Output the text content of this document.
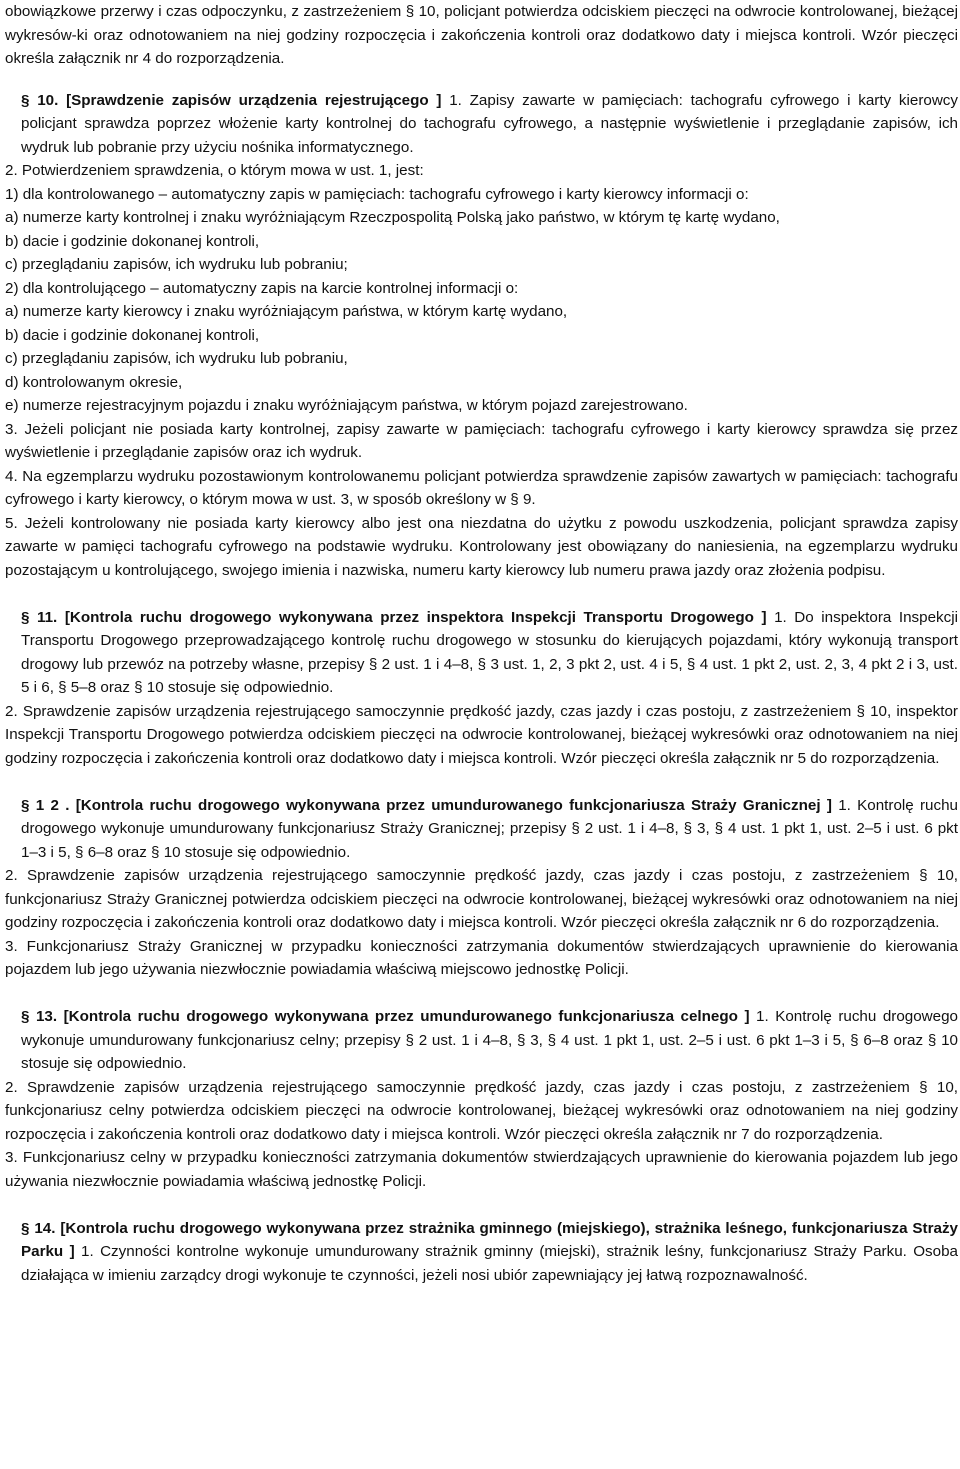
obowiązkowe przerwy i czas odpoczynku, z zastrzeżeniem § 10, policjant potwierdza odciskiem pieczęci na odwrocie kontrolowanej, bieżącej wykresów-ki oraz odnotowaniem na niej godziny rozpoczęcia i zakończenia kontroli oraz dodatkowo daty i miejsca kontroli. Wzór pieczęci określa załącznik nr 4 do rozporządzenia.

§ 10. [Sprawdzenie zapisów urządzenia rejestrującego ] 1. Zapisy zawarte w pamięciach: tachografu cyfrowego i karty kierowcy policjant sprawdza poprzez włożenie karty kontrolnej do tachografu cyfrowego, a następnie wyświetlenie i przeglądanie zapisów, ich wydruk lub pobranie przy użyciu nośnika informatycznego.

2. Potwierdzeniem sprawdzenia, o którym mowa w ust. 1, jest:

1) dla kontrolowanego – automatyczny zapis w pamięciach: tachografu cyfrowego i karty kierowcy informacji o:

a) numerze karty kontrolnej i znaku wyróżniającym Rzeczpospolitą Polską jako państwo, w którym tę kartę wydano,

b) dacie i godzinie dokonanej kontroli,

c) przeglądaniu zapisów, ich wydruku lub pobraniu;

2) dla kontrolującego – automatyczny zapis na karcie kontrolnej informacji o:

a) numerze karty kierowcy i znaku wyróżniającym państwa, w którym kartę wydano,

b) dacie i godzinie dokonanej kontroli,

c) przeglądaniu zapisów, ich wydruku lub pobraniu,

d) kontrolowanym okresie,

e) numerze rejestracyjnym pojazdu i znaku wyróżniającym państwa, w którym pojazd zarejestrowano.

3. Jeżeli policjant nie posiada karty kontrolnej, zapisy zawarte w pamięciach: tachografu cyfrowego i karty kierowcy sprawdza się przez wyświetlenie i przeglądanie zapisów oraz ich wydruk.

4. Na egzemplarzu wydruku pozostawionym kontrolowanemu policjant potwierdza sprawdzenie zapisów zawartych w pamięciach: tachografu cyfrowego i karty kierowcy, o którym mowa w ust. 3, w sposób określony w § 9.

5. Jeżeli kontrolowany nie posiada karty kierowcy albo jest ona niezdatna do użytku z powodu uszkodzenia, policjant sprawdza zapisy zawarte w pamięci tachografu cyfrowego na podstawie wydruku. Kontrolowany jest obowiązany do naniesienia, na egzemplarzu wydruku pozostającym u kontrolującego, swojego imienia i nazwiska, numeru karty kierowcy lub numeru prawa jazdy oraz złożenia podpisu.

§ 11. [Kontrola ruchu drogowego wykonywana przez inspektora Inspekcji Transportu Drogowego ] 1. Do inspektora Inspekcji Transportu Drogowego przeprowadzającego kontrolę ruchu drogowego w stosunku do kierujących pojazdami, który wykonują transport drogowy lub przewóz na potrzeby własne, przepisy § 2 ust. 1 i 4–8, § 3 ust. 1, 2, 3 pkt 2, ust. 4 i 5, § 4 ust. 1 pkt 2, ust. 2, 3, 4 pkt 2 i 3, ust. 5 i 6, § 5–8 oraz § 10 stosuje się odpowiednio.

2. Sprawdzenie zapisów urządzenia rejestrującego samoczynnie prędkość jazdy, czas jazdy i czas postoju, z zastrzeżeniem § 10, inspektor Inspekcji Transportu Drogowego potwierdza odciskiem pieczęci na odwrocie kontrolowanej, bieżącej wykresówki oraz odnotowaniem na niej godziny rozpoczęcia i zakończenia kontroli oraz dodatkowo daty i miejsca kontroli. Wzór pieczęci określa załącznik nr 5 do rozporządzenia.

§ 1 2 . [Kontrola ruchu drogowego wykonywana przez umundurowanego funkcjonariusza Straży Granicznej ] 1. Kontrolę ruchu drogowego wykonuje umundurowany funkcjonariusz Straży Granicznej; przepisy § 2 ust. 1 i 4–8, § 3, § 4 ust. 1 pkt 1, ust. 2–5 i ust. 6 pkt 1–3 i 5, § 6–8 oraz § 10 stosuje się odpowiednio.

2. Sprawdzenie zapisów urządzenia rejestrującego samoczynnie prędkość jazdy, czas jazdy i czas postoju, z zastrzeżeniem § 10, funkcjonariusz Straży Granicznej potwierdza odciskiem pieczęci na odwrocie kontrolowanej, bieżącej wykresówki oraz odnotowaniem na niej godziny rozpoczęcia i zakończenia kontroli oraz dodatkowo daty i miejsca kontroli. Wzór pieczęci określa załącznik nr 6 do rozporządzenia.

3. Funkcjonariusz Straży Granicznej w przypadku konieczności zatrzymania dokumentów stwierdzających uprawnienie do kierowania pojazdem lub jego używania niezwłocznie powiadamia właściwą miejscowo jednostkę Policji.

§ 13. [Kontrola ruchu drogowego wykonywana przez umundurowanego funkcjonariusza celnego ] 1. Kontrolę ruchu drogowego wykonuje umundurowany funkcjonariusz celny; przepisy § 2 ust. 1 i 4–8, § 3, § 4 ust. 1 pkt 1, ust. 2–5 i ust. 6 pkt 1–3 i 5, § 6–8 oraz § 10 stosuje się odpowiednio.

2. Sprawdzenie zapisów urządzenia rejestrującego samoczynnie prędkość jazdy, czas jazdy i czas postoju, z zastrzeżeniem § 10, funkcjonariusz celny potwierdza odciskiem pieczęci na odwrocie kontrolowanej, bieżącej wykresówki oraz odnotowaniem na niej godziny rozpoczęcia i zakończenia kontroli oraz dodatkowo daty i miejsca kontroli. Wzór pieczęci określa załącznik nr 7 do rozporządzenia.

3. Funkcjonariusz celny w przypadku konieczności zatrzymania dokumentów stwierdzających uprawnienie do kierowania pojazdem lub jego używania niezwłocznie powiadamia właściwą jednostkę Policji.

§ 14. [Kontrola ruchu drogowego wykonywana przez strażnika gminnego (miejskiego), strażnika leśnego, funkcjonariusza Straży Parku ] 1. Czynności kontrolne wykonuje umundurowany strażnik gminny (miejski), strażnik leśny, funkcjonariusz Straży Parku. Osoba działająca w imieniu zarządcy drogi wykonuje te czynności, jeżeli nosi ubiór zapewniający jej łatwą rozpoznawalność.
